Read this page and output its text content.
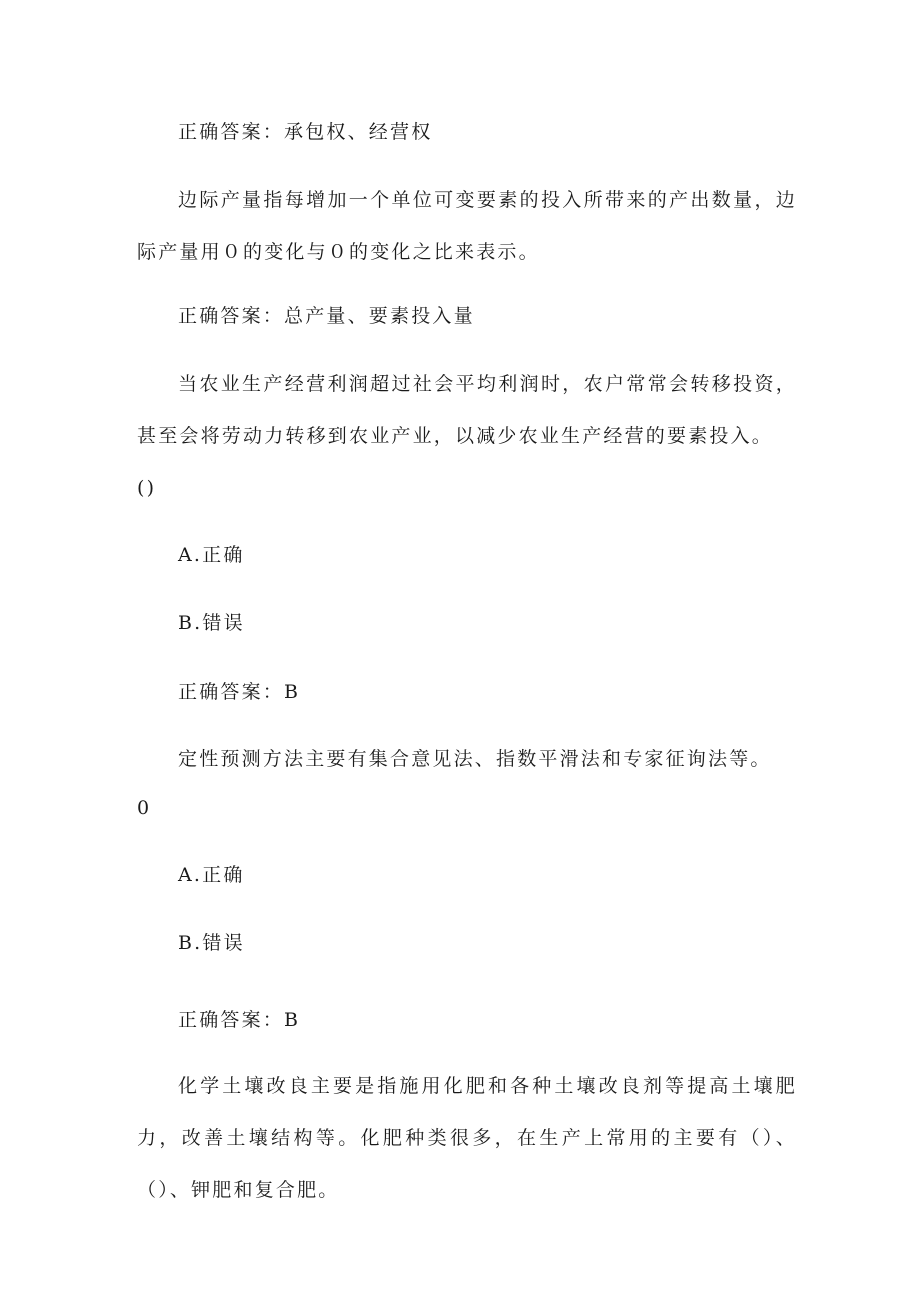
正确答案：承包权、经营权
边际产量指每增加一个单位可变要素的投入所带来的产出数量，边际产量用０的变化与０的变化之比来表示。
正确答案：总产量、要素投入量
当农业生产经营利润超过社会平均利润时，农户常常会转移投资，甚至会将劳动力转移到农业产业，以减少农业生产经营的要素投入。
()
A.正确
B.错误
正确答案：B
定性预测方法主要有集合意见法、指数平滑法和专家征询法等。
0
A.正确
B.错误
正确答案：B
化学土壤改良主要是指施用化肥和各种土壤改良剂等提高土壤肥力，改善土壤结构等。化肥种类很多，在生产上常用的主要有（）、（）、钾肥和复合肥。
